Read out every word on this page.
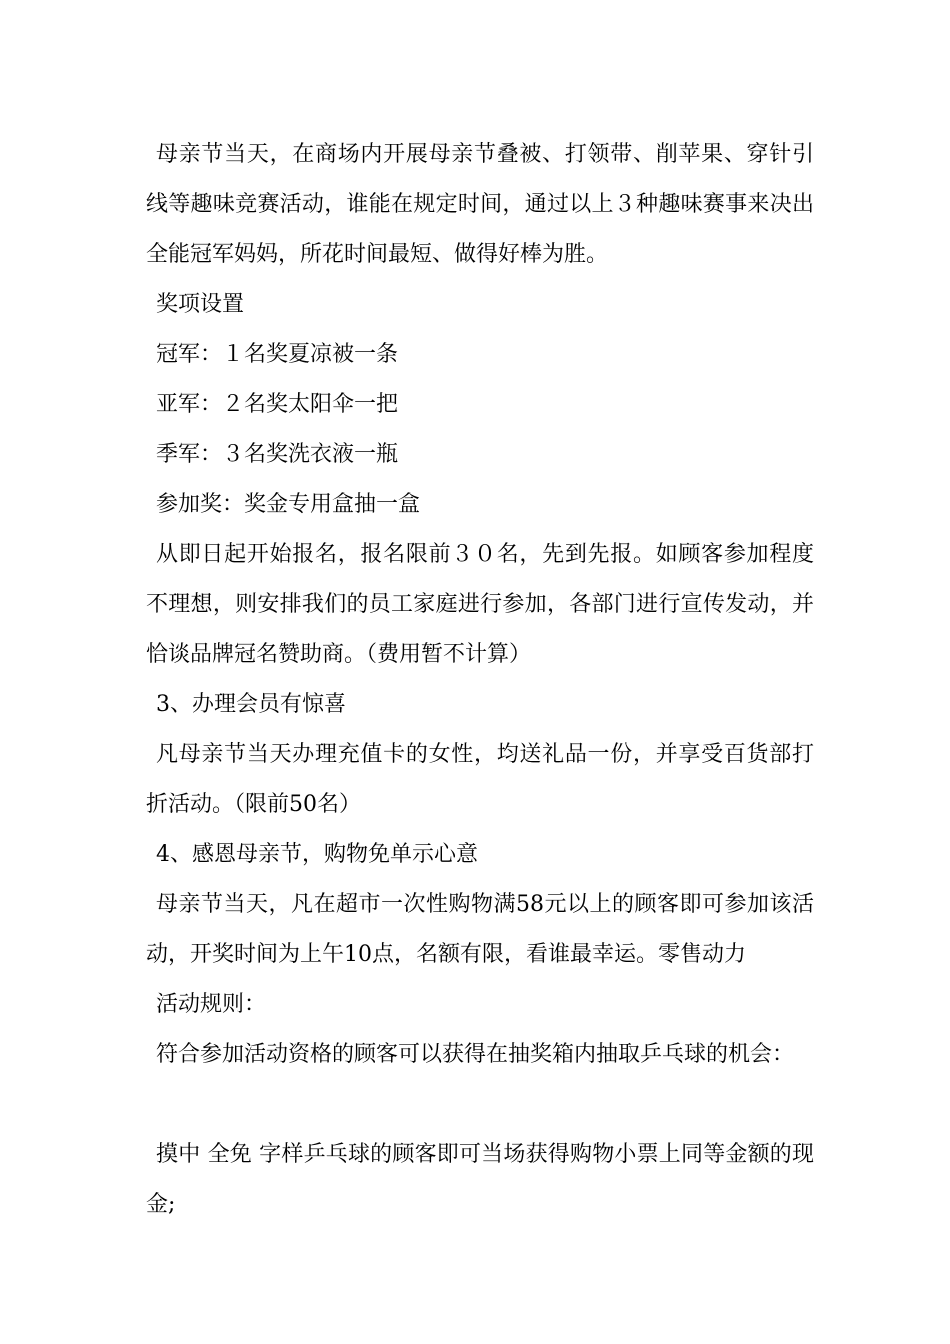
母亲节当天，在商场内开展母亲节叠被、打领带、削苹果、穿针引线等趣味竞赛活动，谁能在规定时间，通过以上３种趣味赛事来决出全能冠军妈妈，所花时间最短、做得好棒为胜。

奖项设置

冠军：１名奖夏凉被一条

亚军：２名奖太阳伞一把

季军：３名奖洗衣液一瓶

参加奖：奖金专用盒抽一盒

从即日起开始报名，报名限前３０名，先到先报。如顾客参加程度不理想，则安排我们的员工家庭进行参加，各部门进行宣传发动，并恰谈品牌冠名赞助商。（费用暂不计算）

3、办理会员有惊喜

凡母亲节当天办理充值卡的女性，均送礼品一份，并享受百货部打折活动。（限前50名）

4、感恩母亲节，购物免单示心意

母亲节当天，凡在超市一次性购物满58元以上的顾客即可参加该活动，开奖时间为上午10点，名额有限，看谁最幸运。零售动力

活动规则：

符合参加活动资格的顾客可以获得在抽奖箱内抽取乒乓球的机会：

摸中 全免 字样乒乓球的顾客即可当场获得购物小票上同等金额的现金;
